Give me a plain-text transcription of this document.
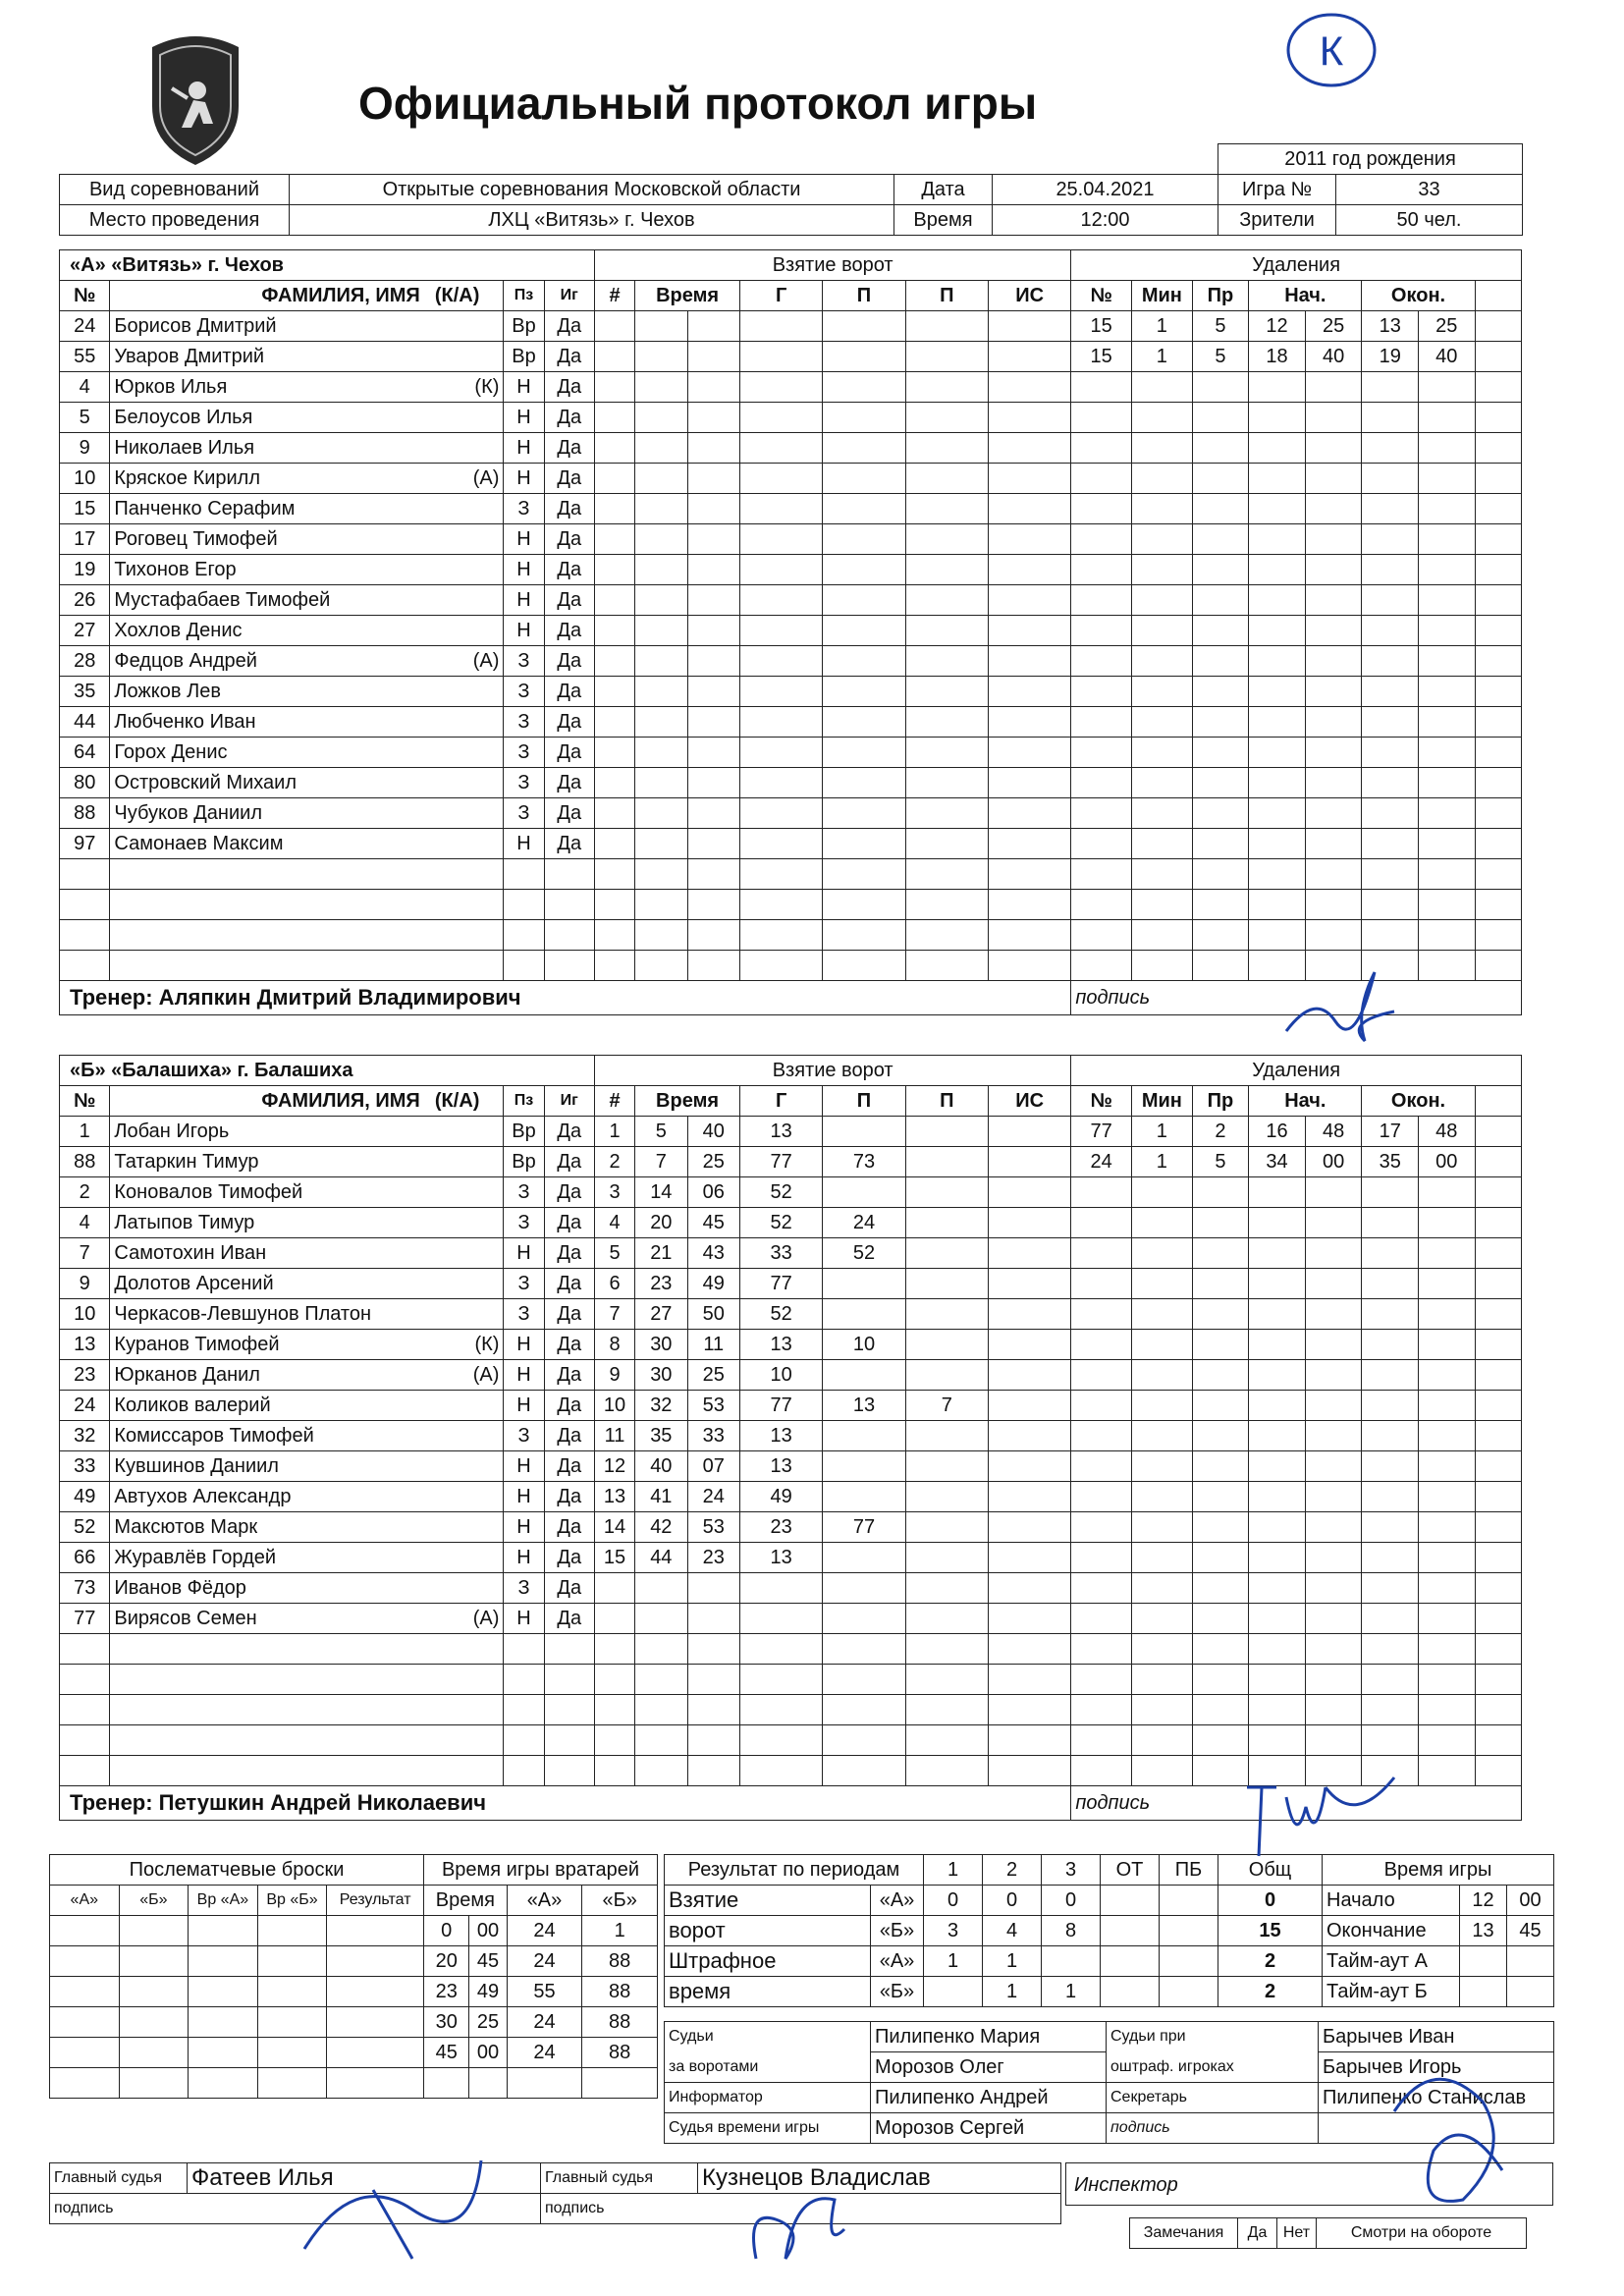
Официальный протокол игры
К
				2011 год рождения	
Вид соревнований	Открытые соревнования Московской области	Дата	25.04.2021	Игра №	33
Место проведения	ЛХЦ «Витязь» г. Чехов	Время	12:00	Зрители	50 чел.
«А» «Витязь» г. Чехов				Взятие ворот							Удаления							
№	ФАМИЛИЯ, ИМЯ (К/А)	Пз	Иг	#	Время		Г	П	П	ИС	№	Мин	Пр	Нач.		Окон.		
24	Борисов Дмитрий	Вр	Да								15	1	5	12	25	13	25	
55	Уваров Дмитрий	Вр	Да								15	1	5	18	40	19	40	
4	Юрков Илья (К)	Н	Да															
5	Белоусов Илья	Н	Да															
9	Николаев Илья	Н	Да															
10	Кряское Кирилл (А)	Н	Да															
15	Панченко Серафим	З	Да															
17	Роговец Тимофей	Н	Да															
19	Тихонов Егор	Н	Да															
26	Мустафабаев Тимофей	Н	Да															
27	Хохлов Денис	Н	Да															
28	Федцов Андрей (А)	З	Да															
35	Ложков Лев	З	Да															
44	Любченко Иван	З	Да															
64	Горох Денис	З	Да															
80	Островский Михаил	З	Да															
88	Чубуков Даниил	З	Да															
97	Самонаев Максим	Н	Да															

Тренер: Аляпкин Дмитрий Владимирович											подпись							
«Б» «Балашиха» г. Балашиха				Взятие ворот							Удаления							
№	ФАМИЛИЯ, ИМЯ (К/А)	Пз	Иг	#	Время		Г	П	П	ИС	№	Мин	Пр	Нач.		Окон.		
1	Лобан Игорь	Вр	Да	1	5	40	13				77	1	2	16	48	17	48	
88	Татаркин Тимур	Вр	Да	2	7	25	77	73			24	1	5	34	00	35	00	
2	Коновалов Тимофей	З	Да	3	14	06	52											
4	Латыпов Тимур	З	Да	4	20	45	52	24										
7	Самотохин Иван	Н	Да	5	21	43	33	52										
9	Долотов Арсений	З	Да	6	23	49	77											
10	Черкасов-Левшунов Платон	З	Да	7	27	50	52											
13	Куранов Тимофей (К)	Н	Да	8	30	11	13	10										
23	Юрканов Данил (А)	Н	Да	9	30	25	10											
24	Коликов валерий	Н	Да	10	32	53	77	13	7									
32	Комиссаров Тимофей	З	Да	11	35	33	13											
33	Кувшинов Даниил	Н	Да	12	40	07	13											
49	Автухов Александр	Н	Да	13	41	24	49											
52	Максютов Марк	Н	Да	14	42	53	23	77										
66	Журавлёв Гордей	Н	Да	15	44	23	13											
73	Иванов Фёдор	З	Да															
77	Вирясов Семен (А)	Н	Да															

Тренер: Петушкин Андрей Николаевич											подпись							
Послематчевые броски					Время игры вратарей			
«А»	«Б»	Вр «А»	Вр «Б»	Результат	Время		«А»	«Б»
					0	00	24	1
					20	45	24	88
					23	49	55	88
					30	25	24	88
					45	00	24	88

Результат по периодам		1	2	3	ОТ	ПБ	Общ
Взятие	«А»	0	0	0			0
ворот	«Б»	3	4	8			15
Штрафное	«А»	1	1				2
время	«Б»		1	1			2
Время игры		
Начало	12	00
Окончание	13	45
Тайм-аут А		
Тайм-аут Б		
Судьи	Пилипенко Мария	Судьи при	Барычев Иван
за воротами	Морозов Олег	оштраф. игроках	Барычев Игорь
Информатор	Пилипенко Андрей	Секретарь	Пилипенко Станислав
Судья времени игры	Морозов Сергей	подпись	
Главный судья	Фатеев Илья	Главный судья	Кузнецов Владислав
подпись		подпись	
Замечания	Да	Нет	Смотри на обороте
Инспектор
